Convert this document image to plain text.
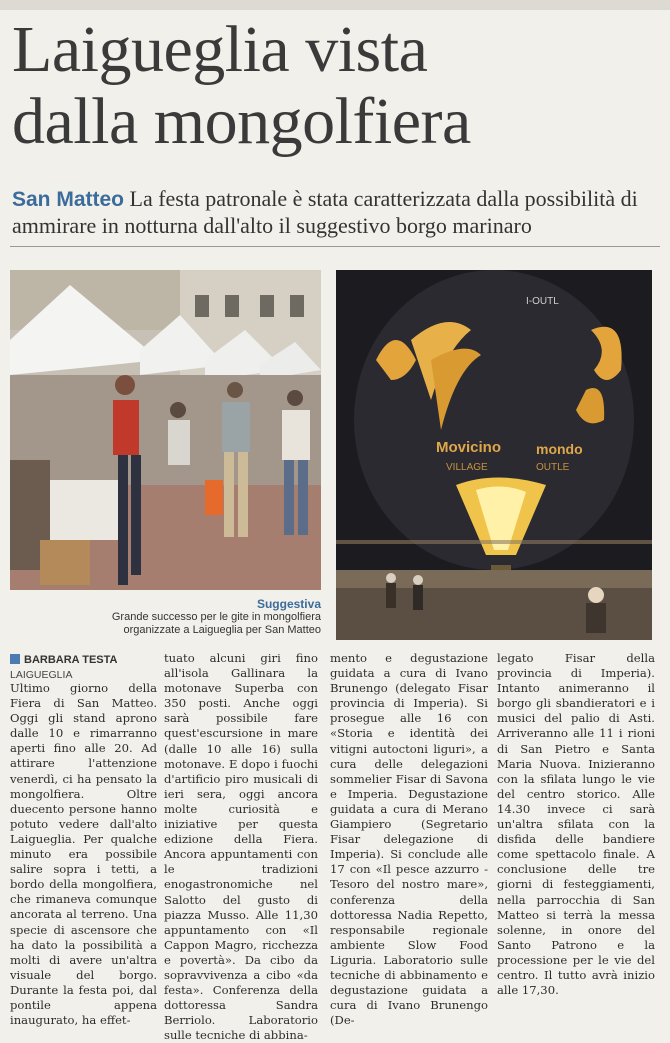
Laigueglia vista
dalla mongolfiera
San Matteo La festa patronale è stata caratterizzata dalla possibilità di ammirare in notturna dall'alto il suggestivo borgo marinaro
Movicino mondo
VILLAGE	OUTLE
I-OUTL
Suggestiva
Grande successo per le gite in mongolfiera
organizzate a Laigueglia per San Matteo
BARBARA TESTA
LAIGUEGLIA
Ultimo giorno della Fiera di San Matteo. Oggi gli stand aprono dalle 10 e rimarranno aperti fino alle 20. Ad attirare l'attenzione venerdì, ci ha pensato la mongolfiera. Oltre duecento persone hanno potuto vedere dall'alto Laigueglia. Per qualche minuto era possibile salire sopra i tetti, a bordo della mongolfiera, che rimaneva comunque ancorata al terreno. Una specie di ascensore che ha dato la possibilità a molti di avere un'altra visuale del borgo. Durante la festa poi, dal pontile appena inaugurato, ha effet-
tuato alcuni giri fino all'isola Gallinara la motonave Superba con 350 posti. Anche oggi sarà possibile fare quest'escursione in mare (dalle 10 alle 16) sulla motonave. E dopo i fuochi d'artificio piro musicali di ieri sera, oggi ancora molte curiosità e iniziative per questa edizione della Fiera. Ancora appuntamenti con le tradizioni enogastronomiche nel Salotto del gusto di piazza Musso. Alle 11,30 appuntamento con «Il Cappon Magro, ricchezza e povertà». Da cibo da sopravvivenza a cibo «da festa». Conferenza della dottoressa Sandra Berriolo. Laboratorio sulle tecniche di abbina-
mento e degustazione guidata a cura di Ivano Brunengo (delegato Fisar provincia di Imperia). Si prosegue alle 16 con «Storia e identità dei vitigni autoctoni liguri», a cura delle delegazioni sommelier Fisar di Savona e Imperia. Degustazione guidata a cura di Merano Giampiero (Segretario Fisar delegazione di Imperia). Si conclude alle 17 con «Il pesce azzurro - Tesoro del nostro mare», conferenza della dottoressa Nadia Repetto, responsabile regionale ambiente Slow Food Liguria. Laboratorio sulle tecniche di abbinamento e degustazione guidata a cura di Ivano Brunengo (De-
legato Fisar della provincia di Imperia). Intanto animeranno il borgo gli sbandieratori e i musici del palio di Asti. Arriveranno alle 11 i rioni di San Pietro e Santa Maria Nuova. Inizieranno con la sfilata lungo le vie del centro storico. Alle 14.30 invece ci sarà un'altra sfilata con la disfida delle bandiere come spettacolo finale. A conclusione delle tre giorni di festeggiamenti, nella parrocchia di San Matteo si terrà la messa solenne, in onore del Santo Patrono e la processione per le vie del centro. Il tutto avrà inizio alle 17,30.
